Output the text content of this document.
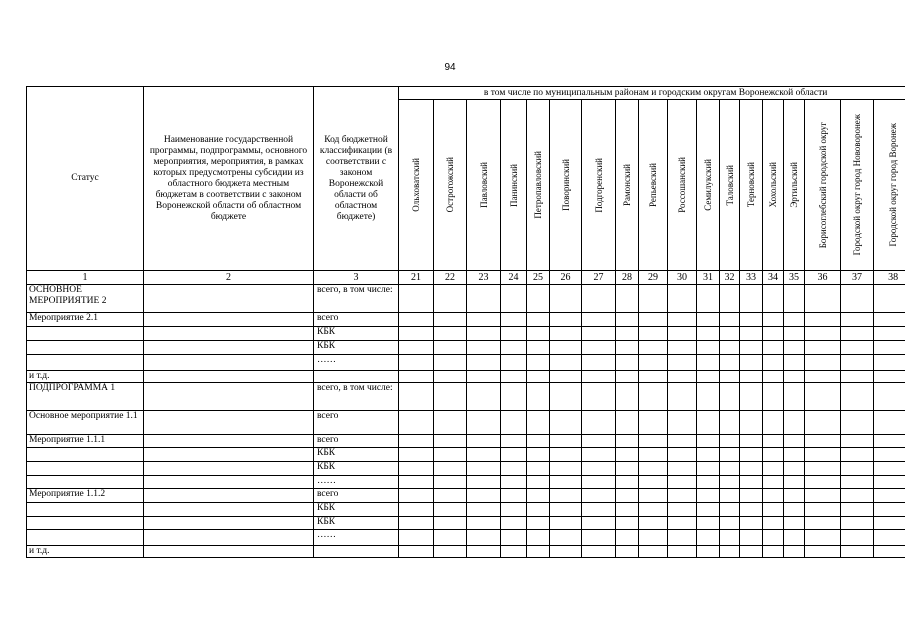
94
Статус	Наименование государственной программы, подпрограммы, основного мероприятия, мероприятия, в рамках которых предусмотрены субсидии из областного бюджета местным бюджетам в соответствии с законом Воронежской области об областном бюджете	Код бюджетной классификации (в соответствии с законом Воронежской области об областном бюджете)	в том числе по муниципальным районам и городским округам Воронежской области																	

			Ольховатский	Острогожский	Павловский	Панинский	Петропавловский	Поворинский	Подгоренский	Рамонский	Репьевский	Россошанский	Семилукский	Таловский	Терновский	Хохольский	Эртильский	Борисоглебский городской округ	Городской округ город Нововоронеж	Городской округ город Воронеж

1	2	3	21	22	23	24	25	26	27	28	29	30	31	32	33	34	35	36	37	38
ОСНОВНОЕ МЕРОПРИЯТИЕ 2		всего, в том числе:																		
Мероприятие 2.1		всего																		
		КБК																		
		КБК																		
		……																		
и т.д.																				
ПОДПРОГРАММА 1		всего, в том числе:																		
Основное мероприятие 1.1		всего																		
Мероприятие 1.1.1		всего																		
		КБК																		
		КБК																		
		……																		
Мероприятие 1.1.2		всего																		
		КБК																		
		КБК																		
		……																		
и т.д.																				
